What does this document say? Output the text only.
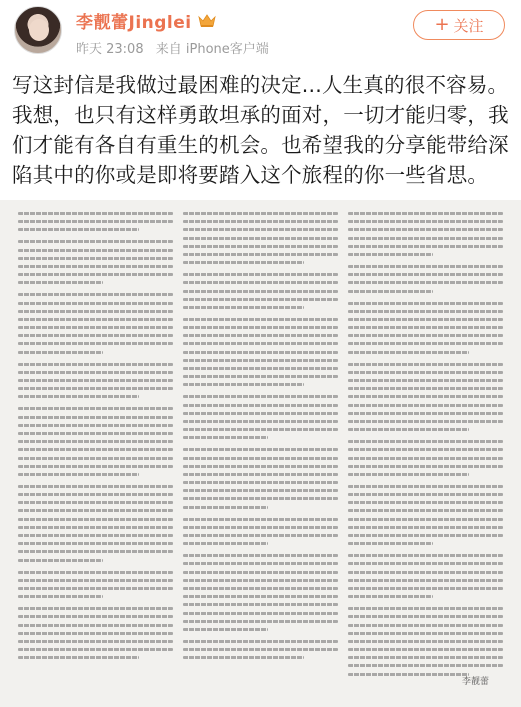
李靓蕾Jinglei
昨天 23:08 来自 iPhone客户端
+ 关注

写这封信是我做过最困难的决定...人生真的很不容易。

我想，也只有这样勇敢坦承的面对，一切才能归零，我

们才能有各自有重生的机会。也希望我的分享能带给深

陷其中的你或是即将要踏入这个旅程的你一些省思。

李靓蕾
